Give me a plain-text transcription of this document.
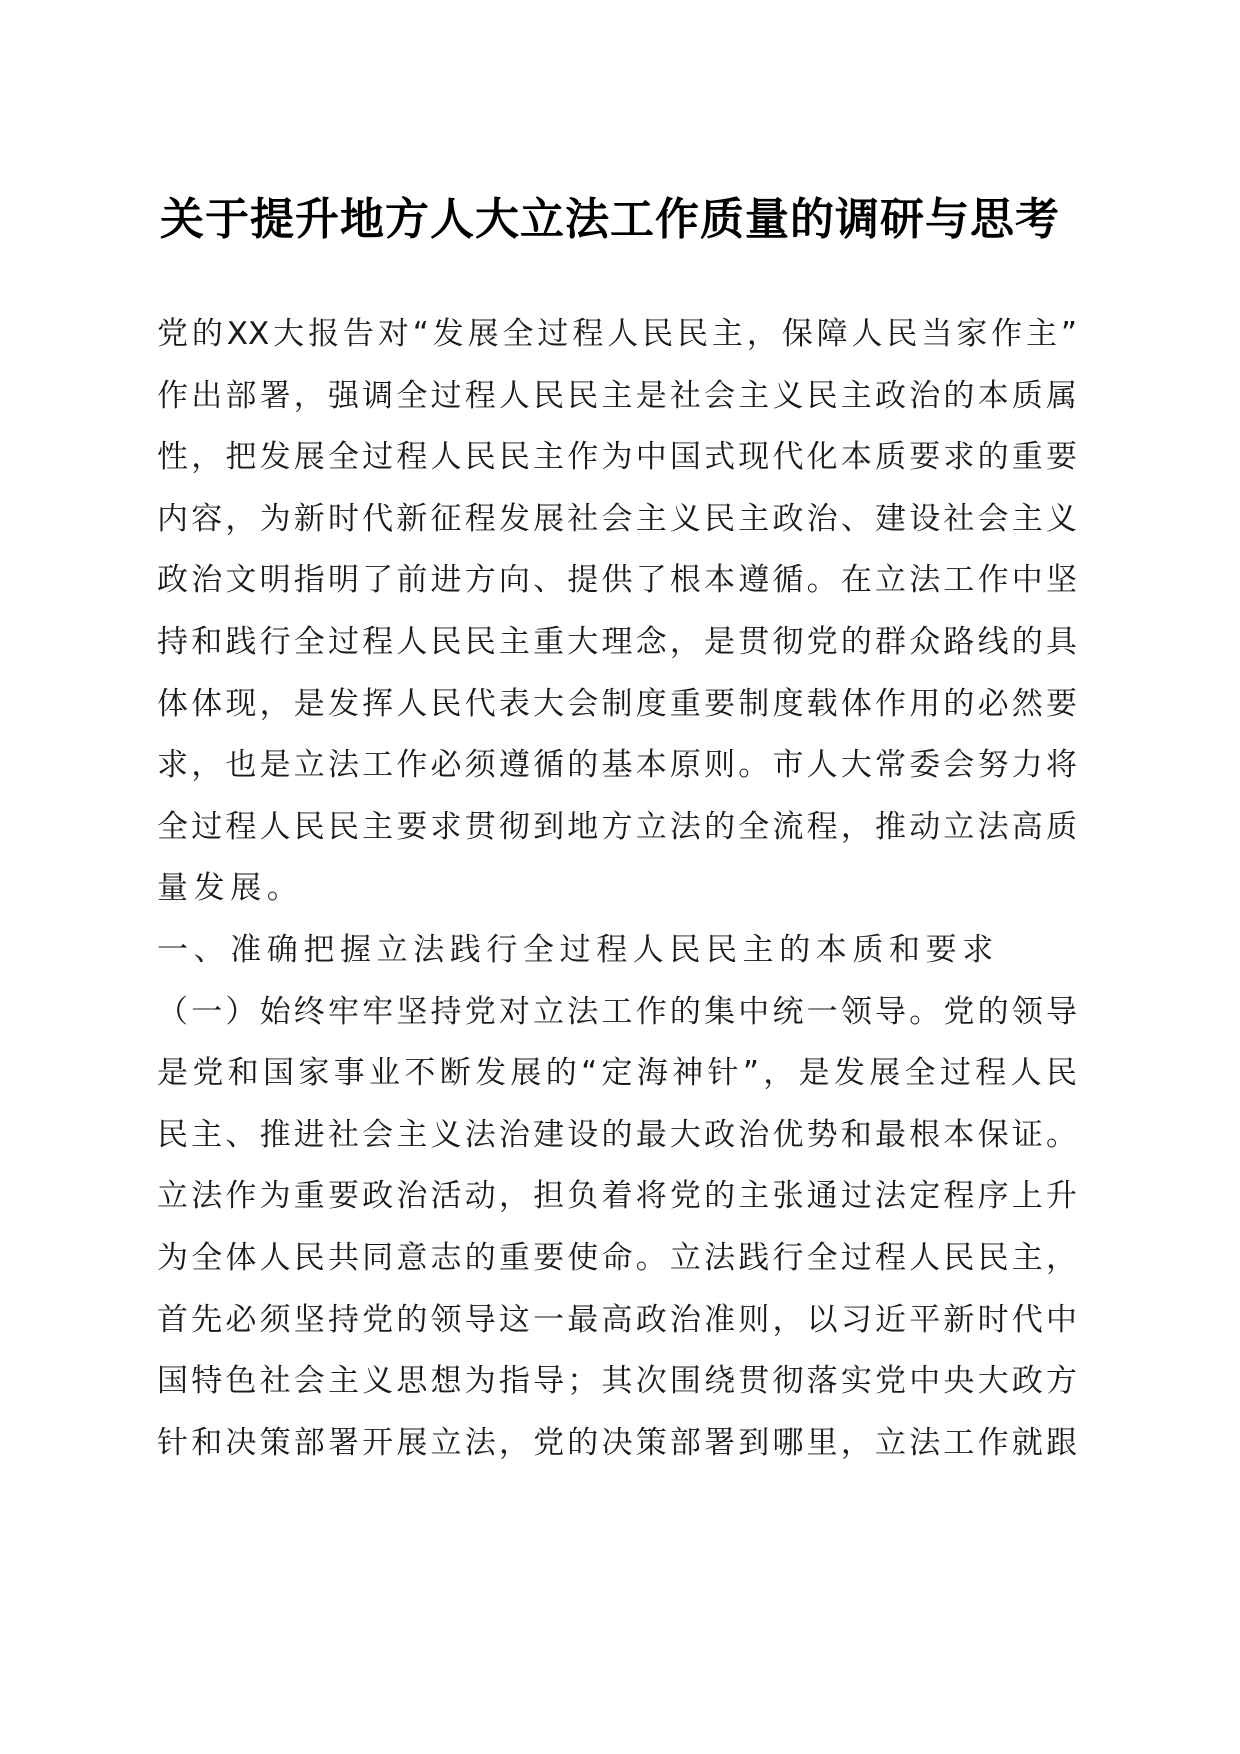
关于提升地方人大立法工作质量的调研与思考
党的XX大报告对“发展全过程人民民主，保障人民当家作主”
作出部署，强调全过程人民民主是社会主义民主政治的本质属
性，把发展全过程人民民主作为中国式现代化本质要求的重要
内容，为新时代新征程发展社会主义民主政治、建设社会主义
政治文明指明了前进方向、提供了根本遵循。在立法工作中坚
持和践行全过程人民民主重大理念，是贯彻党的群众路线的具
体体现，是发挥人民代表大会制度重要制度载体作用的必然要
求，也是立法工作必须遵循的基本原则。市人大常委会努力将
全过程人民民主要求贯彻到地方立法的全流程，推动立法高质
量发展。
一、准确把握立法践行全过程人民民主的本质和要求
（一）始终牢牢坚持党对立法工作的集中统一领导。党的领导
是党和国家事业不断发展的“定海神针”，是发展全过程人民
民主、推进社会主义法治建设的最大政治优势和最根本保证。
立法作为重要政治活动，担负着将党的主张通过法定程序上升
为全体人民共同意志的重要使命。立法践行全过程人民民主，
首先必须坚持党的领导这一最高政治准则，以习近平新时代中
国特色社会主义思想为指导；其次围绕贯彻落实党中央大政方
针和决策部署开展立法，党的决策部署到哪里，立法工作就跟
